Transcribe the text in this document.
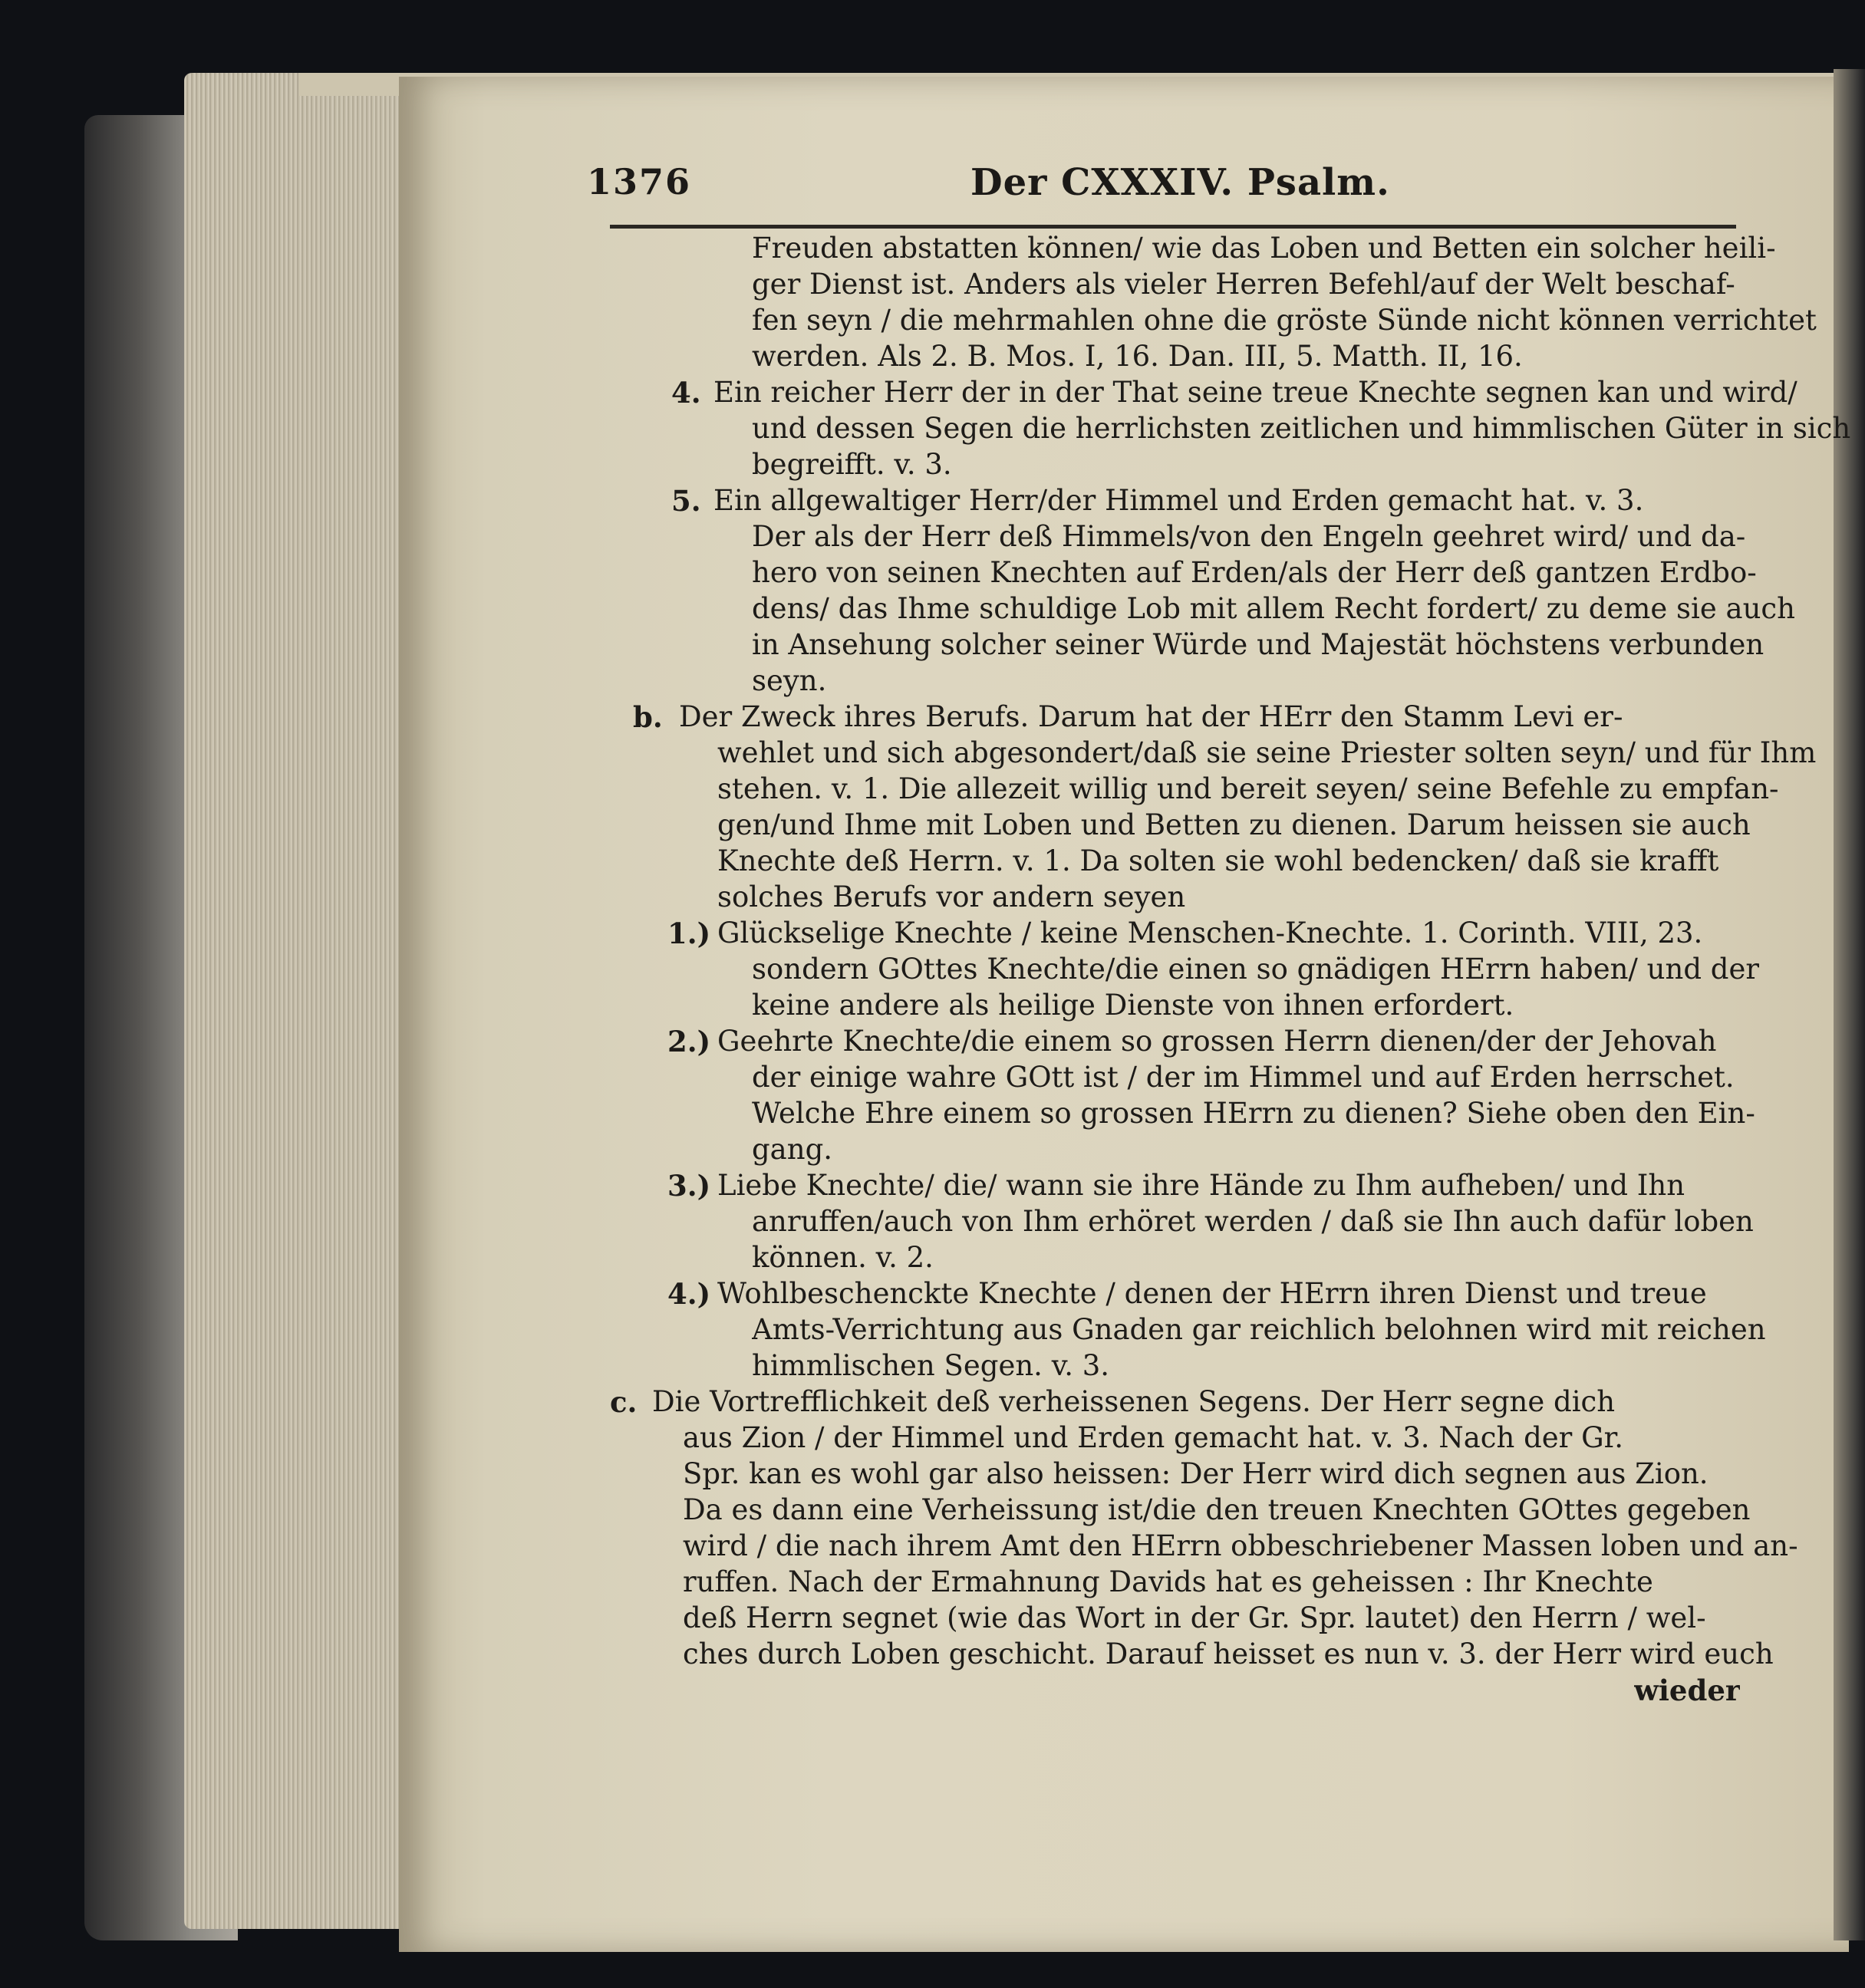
1376	Der CXXXIV. Psalm.
Freuden abstatten können/ wie das Loben und Betten ein solcher heili-
ger Dienst ist. Anders als vieler Herren Befehl/auf der Welt beschaf-
fen seyn / die mehrmahlen ohne die gröste Sünde nicht können verrichtet
werden. Als 2. B. Mos. I, 16. Dan. III, 5. Matth. II, 16.
4. Ein reicher Herr der in der That seine treue Knechte segnen kan und wird/
und dessen Segen die herrlichsten zeitlichen und himmlischen Güter in sich
begreifft. v. 3.
5. Ein allgewaltiger Herr/der Himmel und Erden gemacht hat. v. 3.
Der als der Herr deß Himmels/von den Engeln geehret wird/ und da-
hero von seinen Knechten auf Erden/als der Herr deß gantzen Erdbo-
dens/ das Ihme schuldige Lob mit allem Recht fordert/ zu deme sie auch
in Ansehung solcher seiner Würde und Majestät höchstens verbunden
seyn.
b. Der Zweck ihres Berufs. Darum hat der HErr den Stamm Levi er-
wehlet und sich abgesondert/daß sie seine Priester solten seyn/ und für Ihm
stehen. v. 1. Die allezeit willig und bereit seyen/ seine Befehle zu empfan-
gen/und Ihme mit Loben und Betten zu dienen. Darum heissen sie auch
Knechte deß Herrn. v. 1. Da solten sie wohl bedencken/ daß sie krafft
solches Berufs vor andern seyen
1.) Glückselige Knechte / keine Menschen-Knechte. 1. Corinth. VIII, 23.
sondern GOttes Knechte/die einen so gnädigen HErrn haben/ und der
keine andere als heilige Dienste von ihnen erfordert.
2.) Geehrte Knechte/die einem so grossen Herrn dienen/der der Jehovah
der einige wahre GOtt ist / der im Himmel und auf Erden herrschet.
Welche Ehre einem so grossen HErrn zu dienen? Siehe oben den Ein-
gang.
3.) Liebe Knechte/ die/ wann sie ihre Hände zu Ihm aufheben/ und Ihn
anruffen/auch von Ihm erhöret werden / daß sie Ihn auch dafür loben
können. v. 2.
4.) Wohlbeschenckte Knechte / denen der HErrn ihren Dienst und treue
Amts-Verrichtung aus Gnaden gar reichlich belohnen wird mit reichen
himmlischen Segen. v. 3.
c. Die Vortrefflichkeit deß verheissenen Segens. Der Herr segne dich
aus Zion / der Himmel und Erden gemacht hat. v. 3. Nach der Gr.
Spr. kan es wohl gar also heissen: Der Herr wird dich segnen aus Zion.
Da es dann eine Verheissung ist/die den treuen Knechten GOttes gegeben
wird / die nach ihrem Amt den HErrn obbeschriebener Massen loben und an-
ruffen. Nach der Ermahnung Davids hat es geheissen : Ihr Knechte
deß Herrn segnet (wie das Wort in der Gr. Spr. lautet) den Herrn / wel-
ches durch Loben geschicht. Darauf heisset es nun v. 3. der Herr wird euch
wieder
